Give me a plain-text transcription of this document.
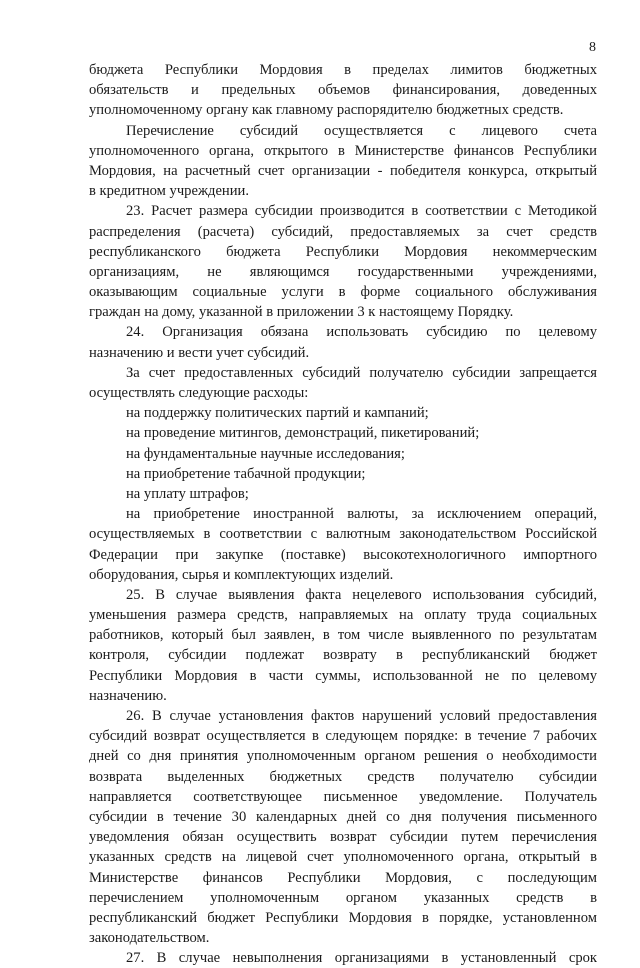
8
бюджета Республики Мордовия в пределах лимитов бюджетных
обязательств и предельных объемов финансирования, доведенных
уполномоченному органу как главному распорядителю бюджетных средств.
Перечисление субсидий осуществляется с лицевого счета
уполномоченного органа, открытого в Министерстве финансов Республики
Мордовия, на расчетный счет организации - победителя конкурса, открытый
в кредитном учреждении.
23. Расчет размера субсидии производится в соответствии с Методикой
распределения (расчета) субсидий, предоставляемых за счет средств
республиканского бюджета Республики Мордовия некоммерческим
организациям, не являющимся государственными учреждениями,
оказывающим социальные услуги в форме социального обслуживания
граждан на дому, указанной в приложении 3 к настоящему Порядку.
24. Организация обязана использовать субсидию по целевому
назначению и вести учет субсидий.
За счет предоставленных субсидий получателю субсидии запрещается
осуществлять следующие расходы:
на поддержку политических партий и кампаний;
на проведение митингов, демонстраций, пикетирований;
на фундаментальные научные исследования;
на приобретение табачной продукции;
на уплату штрафов;
на приобретение иностранной валюты, за исключением операций,
осуществляемых в соответствии с валютным законодательством Российской
Федерации при закупке (поставке) высокотехнологичного импортного
оборудования, сырья и комплектующих изделий.
25. В случае выявления факта нецелевого использования субсидий,
уменьшения размера средств, направляемых на оплату труда социальных
работников, который был заявлен, в том числе выявленного по результатам
контроля, субсидии подлежат возврату в республиканский бюджет
Республики Мордовия в части суммы, использованной не по целевому
назначению.
26. В случае установления фактов нарушений условий предоставления
субсидий возврат осуществляется в следующем порядке: в течение 7 рабочих
дней со дня принятия уполномоченным органом решения о необходимости
возврата выделенных бюджетных средств получателю субсидии
направляется соответствующее письменное уведомление. Получатель
субсидии в течение 30 календарных дней со дня получения письменного
уведомления обязан осуществить возврат субсидии путем перечисления
указанных средств на лицевой счет уполномоченного органа, открытый в
Министерстве финансов Республики Мордовия, с последующим
перечислением уполномоченным органом указанных средств в
республиканский бюджет Республики Мордовия в порядке, установленном
законодательством.
27. В случае невыполнения организациями в установленный срок
